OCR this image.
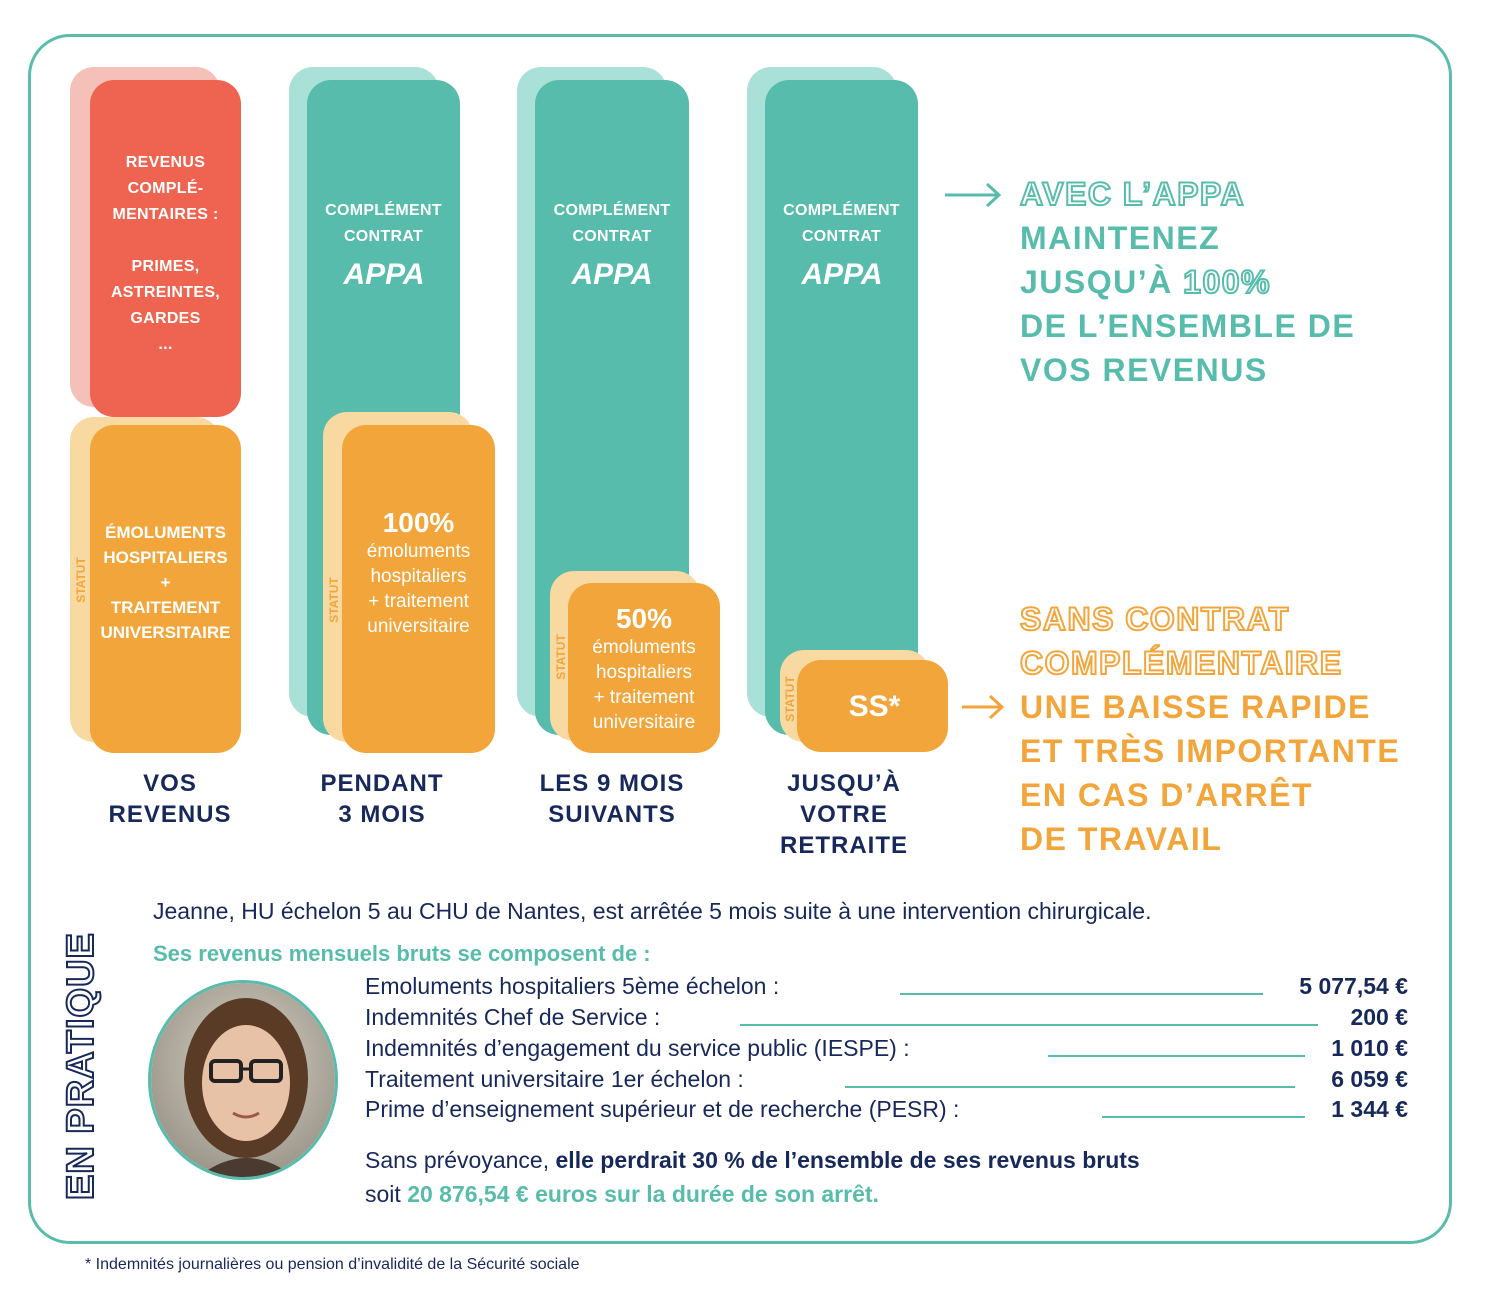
REVENUS
COMPLÉ-
MENTAIRES :
PRIMES,
ASTREINTES,
GARDES
...
ÉMOLUMENTS
HOSPITALIERS
+
TRAITEMENT
UNIVERSITAIRE
STATUT
COMPLÉMENT
CONTRAT
APPA
100%
émoluments
hospitaliers
+ traitement
universitaire
STATUT
COMPLÉMENT
CONTRAT
APPA
50%
émoluments
hospitaliers
+ traitement
universitaire
STATUT
COMPLÉMENT
CONTRAT
APPA
SS*
STATUT
VOS
REVENUS
PENDANT
3 MOIS
LES 9 MOIS
SUIVANTS
JUSQU’À
VOTRE
RETRAITE
AVEC L’APPA
MAINTENEZ
JUSQU’À 100%
DE L’ENSEMBLE DE
VOS REVENUS
SANS CONTRAT
COMPLÉMENTAIRE
UNE BAISSE RAPIDE
ET TRÈS IMPORTANTE
EN CAS D’ARRÊT
DE TRAVAIL
EN PRATIQUE
Jeanne, HU échelon 5 au CHU de Nantes, est arrêtée 5 mois suite à une intervention chirurgicale.
Ses revenus mensuels bruts se composent de :
Emoluments hospitaliers 5ème échelon :	5 077,54 €
Indemnités Chef de Service :	200 €
Indemnités d’engagement du service public (IESPE) :	1 010 €
Traitement universitaire 1er échelon :	6 059 €
Prime d’enseignement supérieur et de recherche (PESR) :	1 344 €
Sans prévoyance, elle perdrait 30 % de l’ensemble de ses revenus bruts
soit 20 876,54 € euros sur la durée de son arrêt.
* Indemnités journalières ou pension d’invalidité de la Sécurité sociale
